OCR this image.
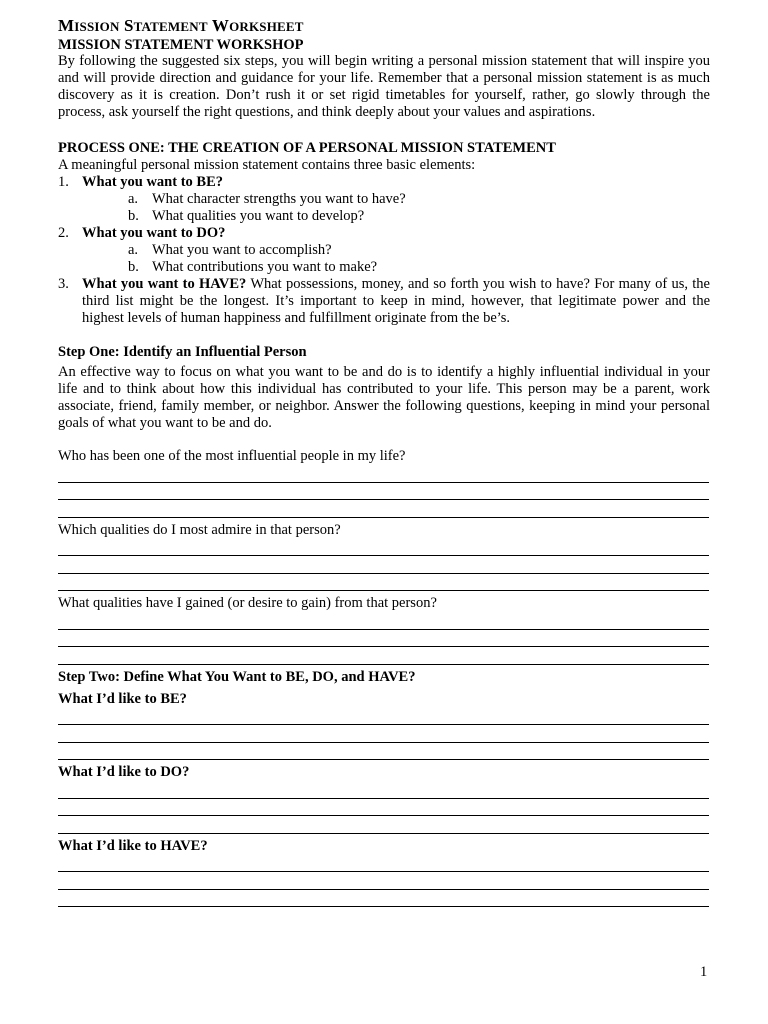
MISSION STATEMENT WORKSHEET
MISSION STATEMENT WORKSHOP

By following the suggested six steps, you will begin writing a personal mission statement that will inspire you and will provide direction and guidance for your life. Remember that a personal mission statement is as much discovery as it is creation. Don’t rush it or set rigid timetables for yourself, rather, go slowly through the process, ask yourself the right questions, and think deeply about your values and aspirations.

PROCESS ONE: THE CREATION OF A PERSONAL MISSION STATEMENT

A meaningful personal mission statement contains three basic elements:

1. What you want to BE?
a. What character strengths you want to have?
b. What qualities you want to develop?
2. What you want to DO?
a. What you want to accomplish?
b. What contributions you want to make?
3. What you want to HAVE? What possessions, money, and so forth you wish to have? For many of us, the third list might be the longest. It’s important to keep in mind, however, that legitimate power and the highest levels of human happiness and fulfillment originate from the be’s.
Step One: Identify an Influential Person

An effective way to focus on what you want to be and do is to identify a highly influential individual in your life and to think about how this individual has contributed to your life. This person may be a parent, work associate, friend, family member, or neighbor. Answer the following questions, keeping in mind your personal goals of what you want to be and do.

Who has been one of the most influential people in my life?
Which qualities do I most admire in that person?
What qualities have I gained (or desire to gain) from that person?
Step Two: Define What You Want to BE, DO, and HAVE?
What I’d like to BE?
What I’d like to DO?
What I’d like to HAVE?
1
